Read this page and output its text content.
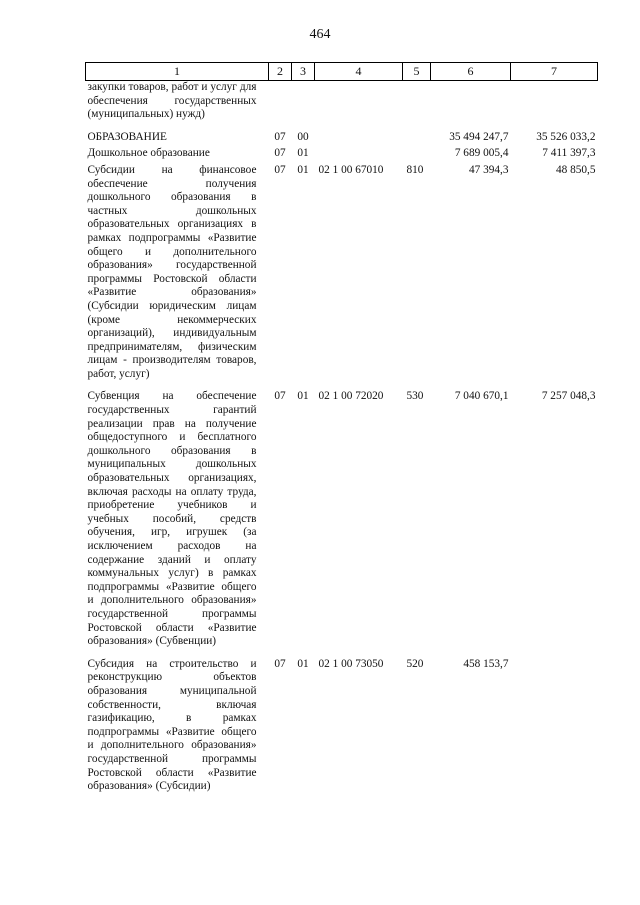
464
1	2	3	4	5	6	7
закупки товаров, работ и услуг для обеспечения государственных (муниципальных) нужд)						
ОБРАЗОВАНИЕ	07	00			35 494 247,7	35 526 033,2
Дошкольное образование	07	01			7 689 005,4	7 411 397,3
Субсидии на финансовое обеспечение получения дошкольного образования в частных дошкольных образовательных организациях в рамках подпрограммы «Развитие общего и дополнительного образования» государственной программы Ростовской области «Развитие образования» (Субсидии юридическим лицам (кроме некоммерческих организаций), индивидуальным предпринимателям, физическим лицам - производителям товаров, работ, услуг)	07	01	02 1 00 67010	810	47 394,3	48 850,5
Субвенция на обеспечение государственных гарантий реализации прав на получение общедоступного и бесплатного дошкольного образования в муниципальных дошкольных образовательных организациях, включая расходы на оплату труда, приобретение учебников и учебных пособий, средств обучения, игр, игрушек (за исключением расходов на содержание зданий и оплату коммунальных услуг) в рамках подпрограммы «Развитие общего и дополнительного образования» государственной программы Ростовской области «Развитие образования» (Субвенции)	07	01	02 1 00 72020	530	7 040 670,1	7 257 048,3
Субсидия на строительство и реконструкцию объектов образования муниципальной собственности, включая газификацию, в рамках подпрограммы «Развитие общего и дополнительного образования» государственной программы Ростовской области «Развитие образования» (Субсидии)	07	01	02 1 00 73050	520	458 153,7	
